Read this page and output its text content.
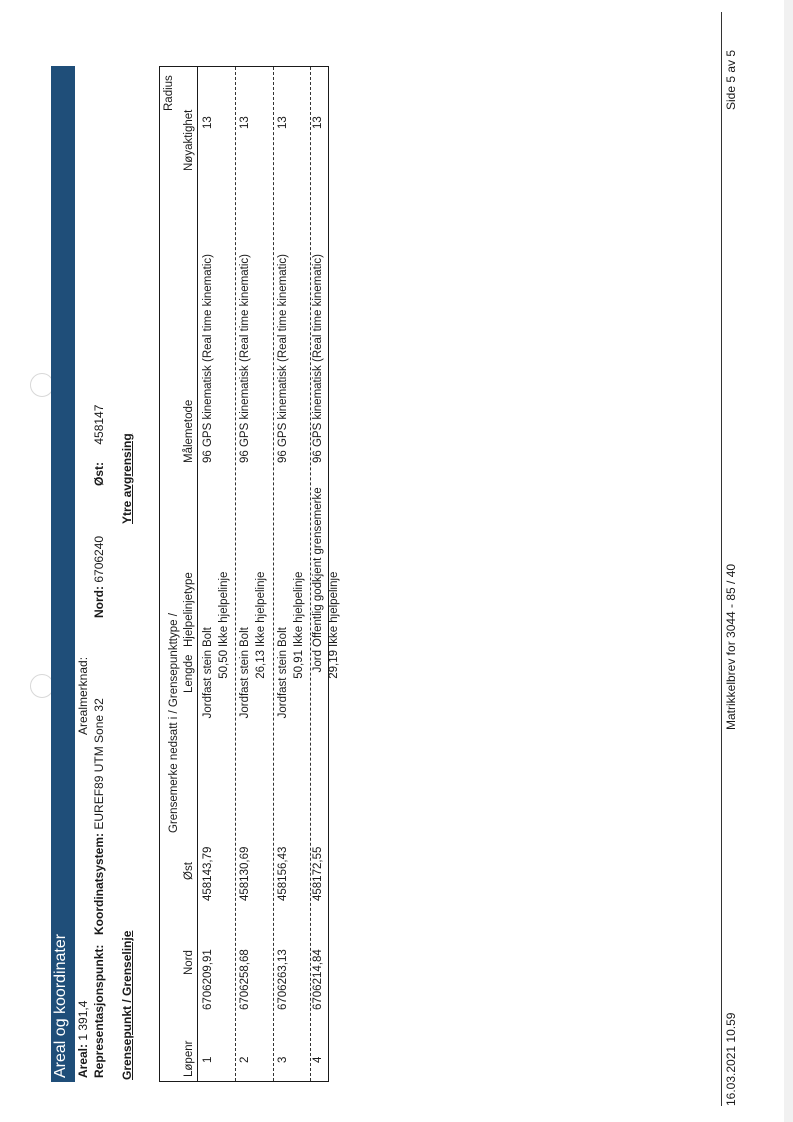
Areal og koordinater Areal: 1 391,4
Arealmerknad:
Representasjonspunkt:
Koordinatsystem: EUREF89 UTM Sone 32
Nord: 6706240
Øst: 458147
Grensepunkt / Grenselinje
Ytre avgrensing
Løpenr
Nord
Øst
Grensemerke nedsatt i / Grensepunkttype / Lengde
Hjelpelinjetype
Målemetode
Nøyaktighet
Radius
1
6706209,91
458143,79
Jordfast stein
Bolt
50,50
Ikke hjelpelinje
96 GPS kinematisk (Real time kinematic)
13
2
6706258,68
458130,69
Jordfast stein
Bolt
26,13
Ikke hjelpelinje
96 GPS kinematisk (Real time kinematic)
13
3
6706263,13
458156,43
Jordfast stein
Bolt
50,91
Ikke hjelpelinje
96 GPS kinematisk (Real time kinematic)
13
4
6706214,84
458172,55
Jord
Offentlig godkjent grensemerke
29,19
Ikke hjelpelinje
96 GPS kinematisk (Real time kinematic)
13
16.03.2021 10.59
Matrikkelbrev for 3044 - 85 / 40
Side 5 av 5
